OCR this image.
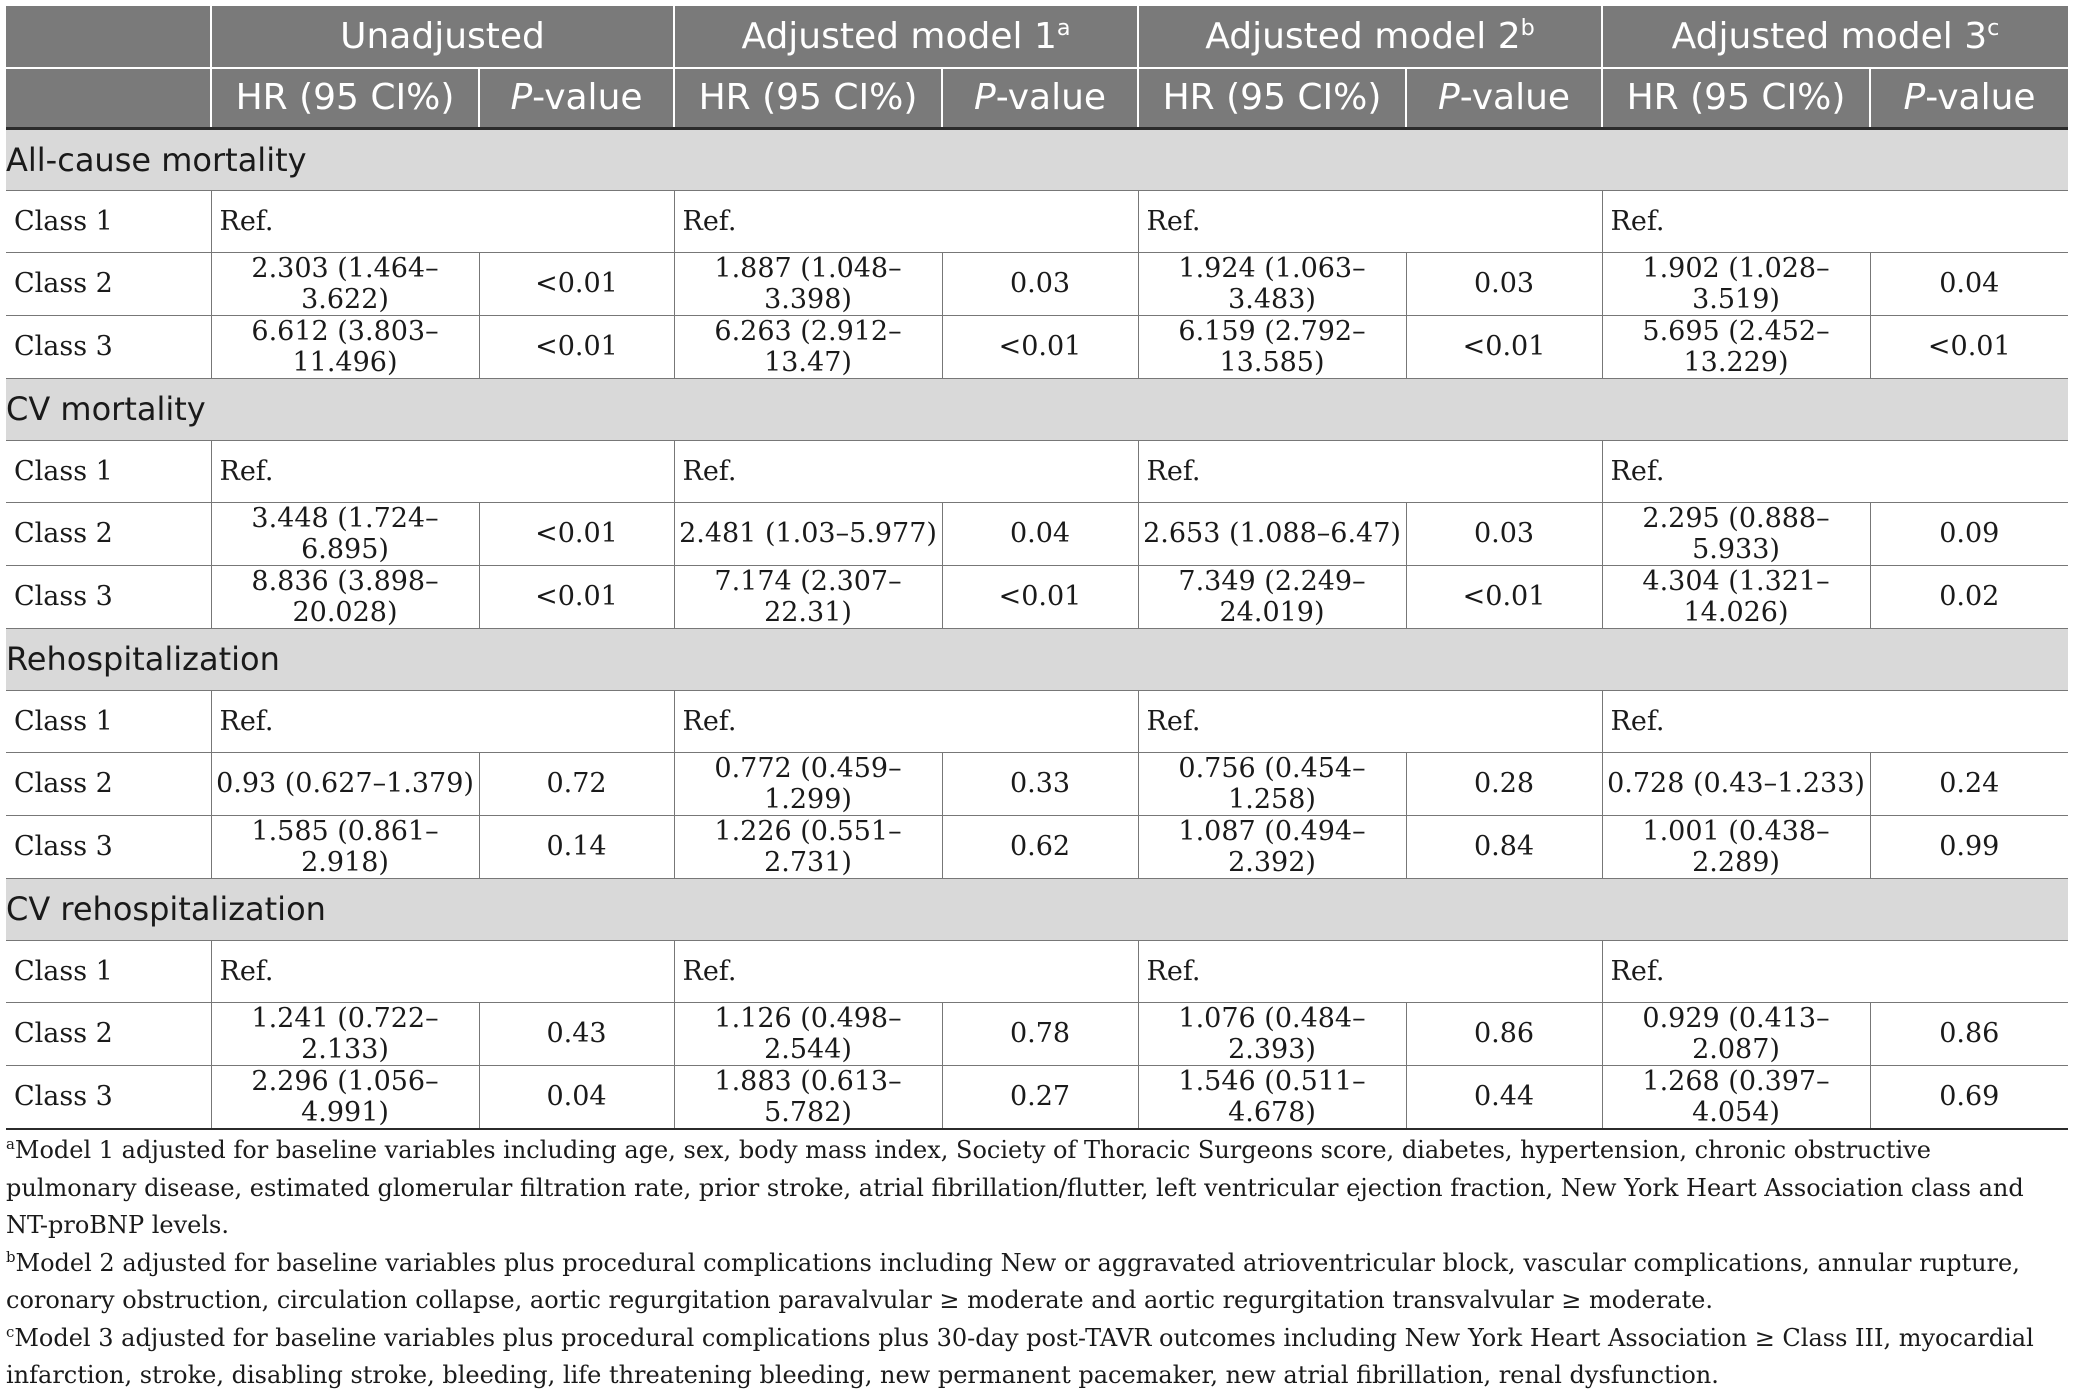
	Unadjusted		Adjusted model 1$^a$		Adjusted model 2$^b$		Adjusted model 3$^c$
	HR (95 CI%)	P-value	HR (95 CI%)	P-value	HR (95 CI%)	P-value	HR (95 CI%)	P-value
All-cause mortality								
Class 1	Ref.		Ref.		Ref.		Ref.	
Class 2	2.303 (1.464–3.622)	<0.01	1.887 (1.048–3.398)	0.03	1.924 (1.063–3.483)	0.03	1.902 (1.028–3.519)	0.04
Class 3	6.612 (3.803–11.496)	<0.01	6.263 (2.912–13.47)	<0.01	6.159 (2.792–13.585)	<0.01	5.695 (2.452–13.229)	<0.01
CV mortality								
Class 1	Ref.		Ref.		Ref.		Ref.	
Class 2	3.448 (1.724–6.895)	<0.01	2.481 (1.03–5.977)	0.04	2.653 (1.088–6.47)	0.03	2.295 (0.888–5.933)	0.09
Class 3	8.836 (3.898–20.028)	<0.01	7.174 (2.307–22.31)	<0.01	7.349 (2.249–24.019)	<0.01	4.304 (1.321–14.026)	0.02
Rehospitalization								
Class 1	Ref.		Ref.		Ref.		Ref.	
Class 2	0.93 (0.627–1.379)	0.72	0.772 (0.459–1.299)	0.33	0.756 (0.454–1.258)	0.28	0.728 (0.43–1.233)	0.24
Class 3	1.585 (0.861–2.918)	0.14	1.226 (0.551–2.731)	0.62	1.087 (0.494–2.392)	0.84	1.001 (0.438–2.289)	0.99
CV rehospitalization								
Class 1	Ref.		Ref.		Ref.		Ref.	
Class 2	1.241 (0.722–2.133)	0.43	1.126 (0.498–2.544)	0.78	1.076 (0.484–2.393)	0.86	0.929 (0.413–2.087)	0.86
Class 3	2.296 (1.056–4.991)	0.04	1.883 (0.613–5.782)	0.27	1.546 (0.511–4.678)	0.44	1.268 (0.397–4.054)	0.69

$^a$Model 1 adjusted for baseline variables including age, sex, body mass index, Society of Thoracic Surgeons score, diabetes, hypertension, chronic obstructive pulmonary disease, estimated glomerular filtration rate, prior stroke, atrial fibrillation/flutter, left ventricular ejection fraction, New York Heart Association class and NT-proBNP levels.

$^b$Model 2 adjusted for baseline variables plus procedural complications including New or aggravated atrioventricular block, vascular complications, annular rupture, coronary obstruction, circulation collapse, aortic regurgitation paravalvular ≥ moderate and aortic regurgitation transvalvular ≥ moderate.

$^c$Model 3 adjusted for baseline variables plus procedural complications plus 30-day post-TAVR outcomes including New York Heart Association ≥ Class III, myocardial infarction, stroke, disabling stroke, bleeding, life threatening bleeding, new permanent pacemaker, new atrial fibrillation, renal dysfunction.
